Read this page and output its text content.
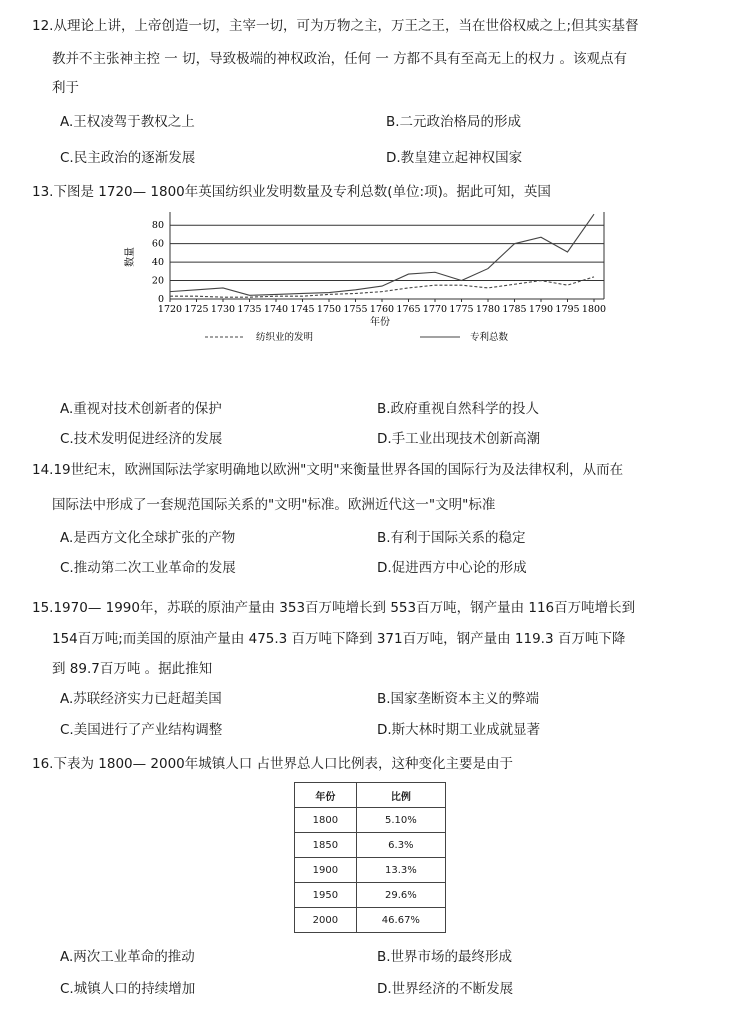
12.从理论上讲，上帝创造一切，主宰一切，可为万物之主，万王之王，当在世俗权威之上;但其实基督
教并不主张神主控 一 切，导致极端的神权政治，任何 一 方都不具有至高无上的权力 。该观点有
利于
A.王权凌驾于教权之上	B.二元政治格局的形成
C.民主政治的逐渐发展	D.教皇建立起神权国家
13.下图是 1720— 1800年英国纺织业发明数量及专利总数(单位:项)。据此可知，英国
0
20
40
60
80
1720 1725 1730 1735 1740 1745 1750 1755 1760 1765 1770 1775 1780 1785 1790 1795 1800
数量
年份
纺织业的发明	专利总数
A.重视对技术创新者的保护	B.政府重视自然科学的投人
C.技术发明促进经济的发展	D.手工业出现技术创新高潮
14.19世纪末，欧洲国际法学家明确地以欧洲"文明"来衡量世界各国的国际行为及法律权利，从而在
国际法中形成了一套规范国际关系的"文明"标准。欧洲近代这一"文明"标准
A.是西方文化全球扩张的产物	B.有利于国际关系的稳定
C.推动第二次工业革命的发展	D.促进西方中心论的形成
15.1970— 1990年，苏联的原油产量由 353百万吨增长到 553百万吨，钢产量由 116百万吨增长到
154百万吨;而美国的原油产量由 475.3 百万吨下降到 371百万吨，钢产量由 119.3 百万吨下降
到 89.7百万吨 。据此推知
A.苏联经济实力已赶超美国	B.国家垄断资本主义的弊端
C.美国进行了产业结构调整	D.斯大林时期工业成就显著
16.下表为 1800— 2000年城镇人口 占世界总人口比例表，这种变化主要是由于
年份	比例
1800	5.10%
1850	6.3%
1900	13.3%
1950	29.6%
2000	46.67%
A.两次工业革命的推动	B.世界市场的最终形成
C.城镇人口的持续增加	D.世界经济的不断发展
